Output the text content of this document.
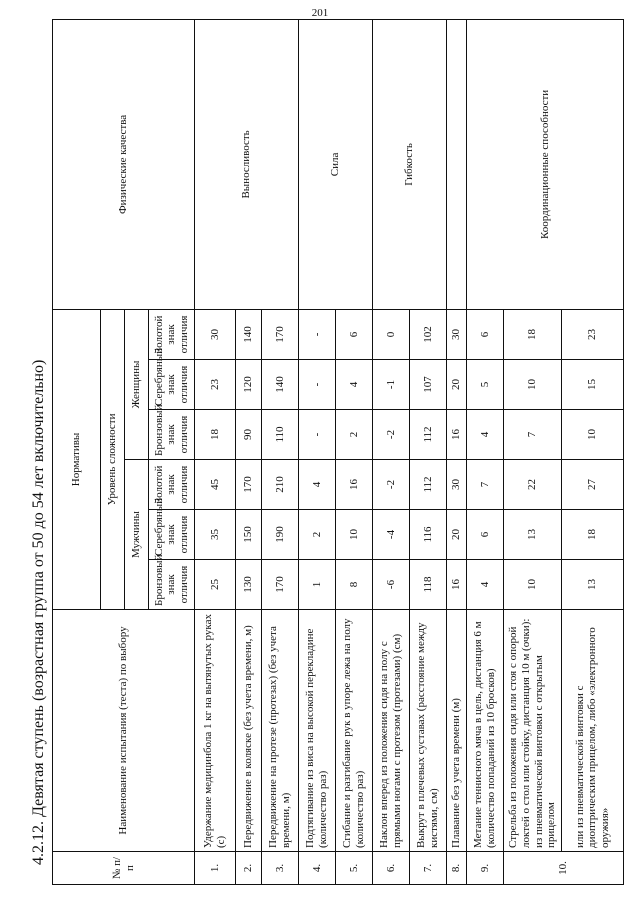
201
4.2.12. Девятая ступень (возрастная группа от 50 до 54 лет включительно)
№ п/п	Наименование испытания (теста) по выбору	Нормативы						Физические качества
		Уровень сложности						
		Мужчины			Женщины			
		Бронзовый знак отличия	Серебряный знак отличия	Золотой знак отличия	Бронзовый знак отличия	Серебряный знак отличия	Золотой знак отличия	
1.	Удержание медицинбола 1 кг на вытянутых руках (с)	25	35	45	18	23	30	Выносливость
2.	Передвижение в коляске (без учета времени, м)	130	150	170	90	120	140	
3.	Передвижение на протезе (протезах) (без учета времени, м)	170	190	210	110	140	170	
4.	Подтягивание из виса на высокой перекладине (количество раз)	1	2	4	-	-	-	Сила
5.	Сгибание и разгибание рук в упоре лежа на полу (количество раз)	8	10	16	2	4	6	
6.	Наклон вперед из положения сидя на полу с прямыми ногами с протезом (протезами) (см)	-6	-4	-2	-2	-1	0	Гибкость
7.	Выкрут в плечевых суставах (расстояние между кистями, см)	118	116	112	112	107	102	
8.	Плавание без учета времени (м)	16	20	30	16	20	30	
9.	Метание теннисного мяча в цель, дистанция 6 м (количество попаданий из 10 бросков)	4	6	7	4	5	6	Координационные способности
10.	Стрельба из положения сидя или стоя с опорой локтей о стол или стойку, дистанция 10 м (очки): из пневматической винтовки с открытым прицелом	10	13	22	7	10	18	
	или из пневматической винтовки с диоптрическим прицелом, либо «электронного оружия»	13	18	27	10	15	23	
